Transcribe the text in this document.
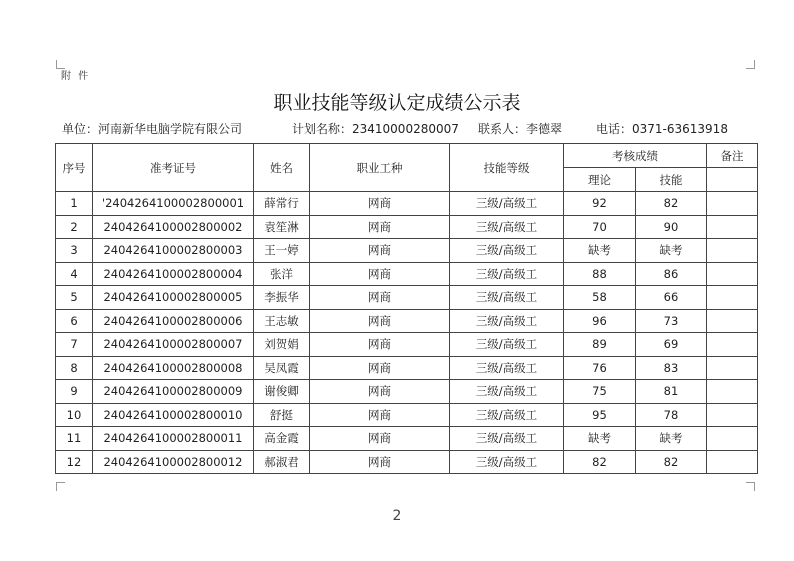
附 件
职业技能等级认定成绩公示表
单位：河南新华电脑学院有限公司	计划名称：23410000280007 联系人：李德翠	电话：0371-63613918
序号	准考证号	姓名	职业工种	技能等级	考核成绩		备注
					理论	技能	
1	'2404264100002800001	薛常行	网商	三级/高级工	92	82	
2	2404264100002800002	袁笙淋	网商	三级/高级工	70	90	
3	2404264100002800003	王一婷	网商	三级/高级工	缺考	缺考	
4	2404264100002800004	张洋	网商	三级/高级工	88	86	
5	2404264100002800005	李振华	网商	三级/高级工	58	66	
6	2404264100002800006	王志敏	网商	三级/高级工	96	73	
7	2404264100002800007	刘贺娟	网商	三级/高级工	89	69	
8	2404264100002800008	吴凤霞	网商	三级/高级工	76	83	
9	2404264100002800009	谢俊卿	网商	三级/高级工	75	81	
10	2404264100002800010	舒挺	网商	三级/高级工	95	78	
11	2404264100002800011	高金霞	网商	三级/高级工	缺考	缺考	
12	2404264100002800012	郝淑君	网商	三级/高级工	82	82	
2
